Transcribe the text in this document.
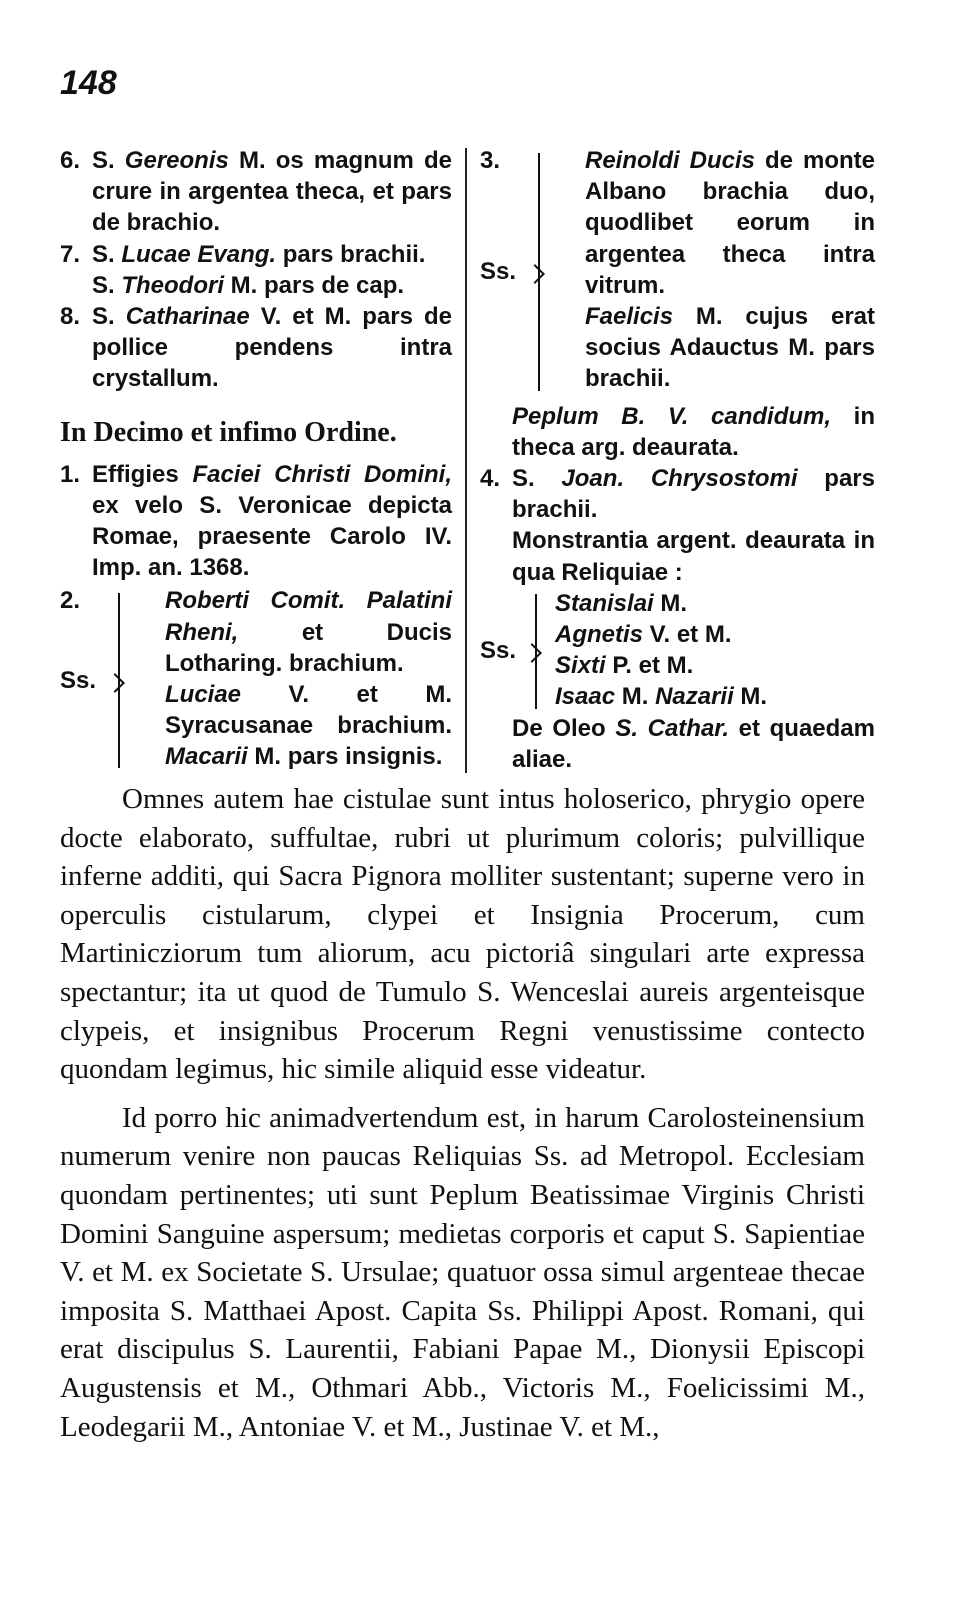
148
6. S. Gereonis M. os magnum de crure in argentea theca, et pars de brachio.
7. S. Lucae Evang. pars brachii.
S. Theodori M. pars de cap.
8. S. Catharinae V. et M. pars de pollice pendens intra crystallum.
In Decimo et infimo Ordine.
1. Effigies Faciei Christi Domini, ex velo S. Veronicae depicta Romae, praesente Carolo IV. Imp. an. 1368.
2.	Roberti Comit. Palatini Rheni, et Ducis Lotharing. brachium.
Luciae V. et M. Syracusanae brachium. Macarii M. pars insignis.
Ss.
3.	Reinoldi Ducis de monte Albano brachia duo, quodlibet eorum in argentea theca intra vitrum.
Faelicis M. cujus erat socius Adauctus M. pars brachii.
Ss.
Peplum B. V. candidum, in theca arg. deaurata.
4. S. Joan. Chrysostomi pars brachii.
Monstrantia argent. deaurata in qua Reliquiae :
Stanislai M.
Agnetis V. et M.
Sixti P. et M.
Isaac M. Nazarii M.
Ss.
De Oleo S. Cathar. et quaedam aliae.

Omnes autem hae cistulae sunt intus holoserico, phrygio opere docte elaborato, suffultae, rubri ut plurimum coloris; pulvillique inferne additi, qui Sacra Pignora molliter sustentant; superne vero in operculis cistularum, clypei et Insignia Procerum, cum Martinicziorum tum aliorum, acu pictoriâ singulari arte expressa spectantur; ita ut quod de Tumulo S. Wenceslai aureis argenteisque clypeis, et insignibus Procerum Regni venustissime contecto quondam legimus, hic simile aliquid esse videatur.

Id porro hic animadvertendum est, in harum Carolosteinensium numerum venire non paucas Reliquias Ss. ad Metropol. Ecclesiam quondam pertinentes; uti sunt Peplum Beatissimae Virginis Christi Domini Sanguine aspersum; medietas corporis et caput S. Sapientiae V. et M. ex Societate S. Ursulae; quatuor ossa simul argenteae thecae imposita S. Matthaei Apost. Capita Ss. Philippi Apost. Romani, qui erat discipulus S. Laurentii, Fabiani Papae M., Dionysii Episcopi Augustensis et M., Othmari Abb., Victoris M., Foelicissimi M., Leodegarii M., Antoniae V. et M., Justinae V. et M.,
